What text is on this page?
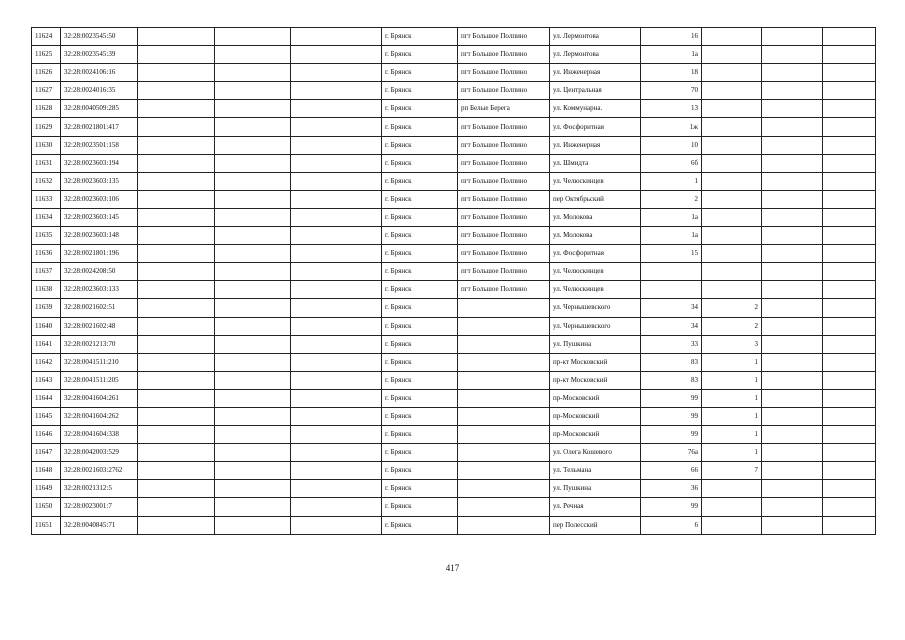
11624	32:28:0023545:50				г. Брянск	пгт Большое Полпино	ул. Лермонтова	16			
11625	32:28:0023545:39				г. Брянск	пгт Большое Полпино	ул. Лермонтова	1а			
11626	32:28:0024106:16				г. Брянск	пгт Большое Полпино	ул. Инженерная	18			
11627	32:28:0024016:35				г. Брянск	пгт Большое Полпино	ул. Центральная	70			
11628	32:28:0040509:285				г. Брянск	рп Белые Берега	ул. Коммунарна.	13			
11629	32:28:0021801:417				г. Брянск	пгт Большое Полпино	ул. Фосфоритная	1ж			
11630	32:28:0023501:158				г. Брянск	пгт Большое Полпино	ул. Инженерная	10			
11631	32:28:0023603:194				г. Брянск	пгт Большое Полпино	ул. Шмидта	6б			
11632	32:28:0023603:135				г. Брянск	пгт Большое Полпино	ул. Челюскинцев	1			
11633	32:28:0023603:106				г. Брянск	пгт Большое Полпино	пер Октябрьский	2			
11634	32:28:0023603:145				г. Брянск	пгт Большое Полпино	ул. Молокова	1а			
11635	32:28:0023603:148				г. Брянск	пгт Большое Полпино	ул. Молокова	1а			
11636	32:28:0021801:196				г. Брянск	пгт Большое Полпино	ул. Фосфоритная	15			
11637	32:28:0024208:50				г. Брянск	пгт Большое Полпино	ул. Челюскинцев				
11638	32:28:0023603:133				г. Брянск	пгт Большое Полпино	ул. Челюскинцев				
11639	32:28:0021602:51				г. Брянск		ул. Чернышевского	34	2		
11640	32:28:0021602:48				г. Брянск		ул. Чернышевского	34	2		
11641	32:28:0021213:70				г. Брянск		ул. Пушкина	33	3		
11642	32:28:0041511:210				г. Брянск		пр-кт Московский	83	1		
11643	32:28:0041511:205				г. Брянск		пр-кт Московский	83	1		
11644	32:28:0041604:261				г. Брянск		пр-Московский	99	1		
11645	32:28:0041604:262				г. Брянск		пр-Московский	99	1		
11646	32:28:0041604:338				г. Брянск		пр-Московский	99	1		
11647	32:28:0042003:529				г. Брянск		ул. Олега Кошевого	76а	1		
11648	32:28:0021603:2762				г. Брянск		ул. Тельмана	66	7		
11649	32:28:0021312:5				г. Брянск		ул. Пушкина	36			
11650	32:28:0023001:7				г. Брянск		ул. Речная	99			
11651	32:28:0040845:71				г. Брянск		пер Полесский	6			
417
